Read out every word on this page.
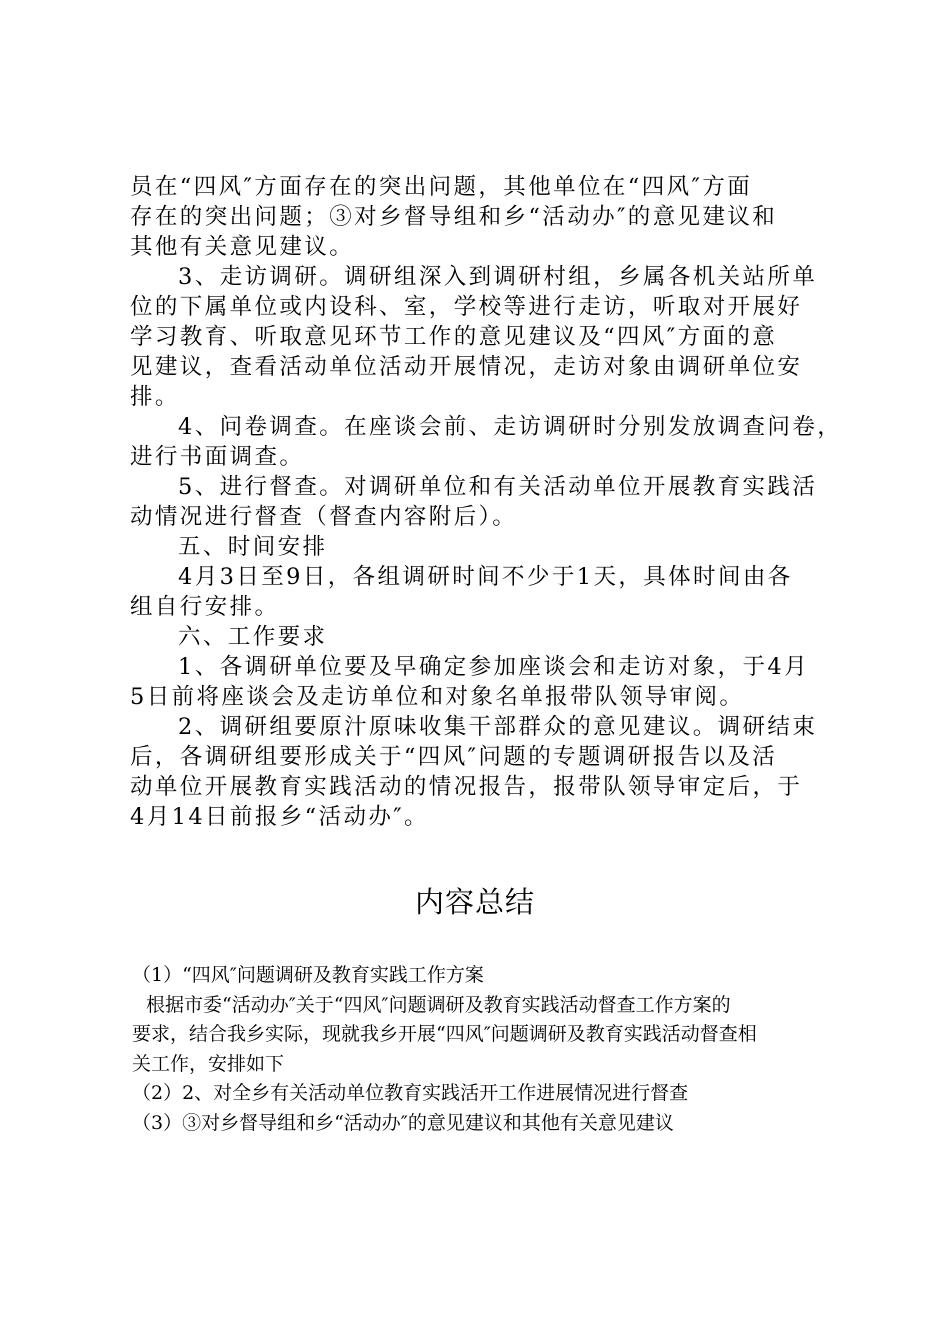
员在“四风″方面存在的突出问题，其他单位在“四风″方面
存在的突出问题；③对乡督导组和乡“活动办″的意见建议和
其他有关意见建议。
3、走访调研。调研组深入到调研村组，乡属各机关站所单
位的下属单位或内设科、室，学校等进行走访，听取对开展好
学习教育、听取意见环节工作的意见建议及“四风″方面的意
见建议，查看活动单位活动开展情况，走访对象由调研单位安
排。
4、问卷调查。在座谈会前、走访调研时分别发放调查问卷，
进行书面调查。
5、进行督查。对调研单位和有关活动单位开展教育实践活
动情况进行督查（督查内容附后）。
五、时间安排
4月3日至9日，各组调研时间不少于1天，具体时间由各
组自行安排。
六、工作要求
1、各调研单位要及早确定参加座谈会和走访对象，于4月
5日前将座谈会及走访单位和对象名单报带队领导审阅。
2、调研组要原汁原味收集干部群众的意见建议。调研结束
后，各调研组要形成关于“四风″问题的专题调研报告以及活
动单位开展教育实践活动的情况报告，报带队领导审定后，于
4月14日前报乡“活动办″。
内容总结
（1）“四风″问题调研及教育实践工作方案
根据市委“活动办″关于“四风″问题调研及教育实践活动督查工作方案的
要求，结合我乡实际，现就我乡开展“四风″问题调研及教育实践活动督查相
关工作，安排如下
（2）2、对全乡有关活动单位教育实践活开工作进展情况进行督查
（3）③对乡督导组和乡“活动办″的意见建议和其他有关意见建议
